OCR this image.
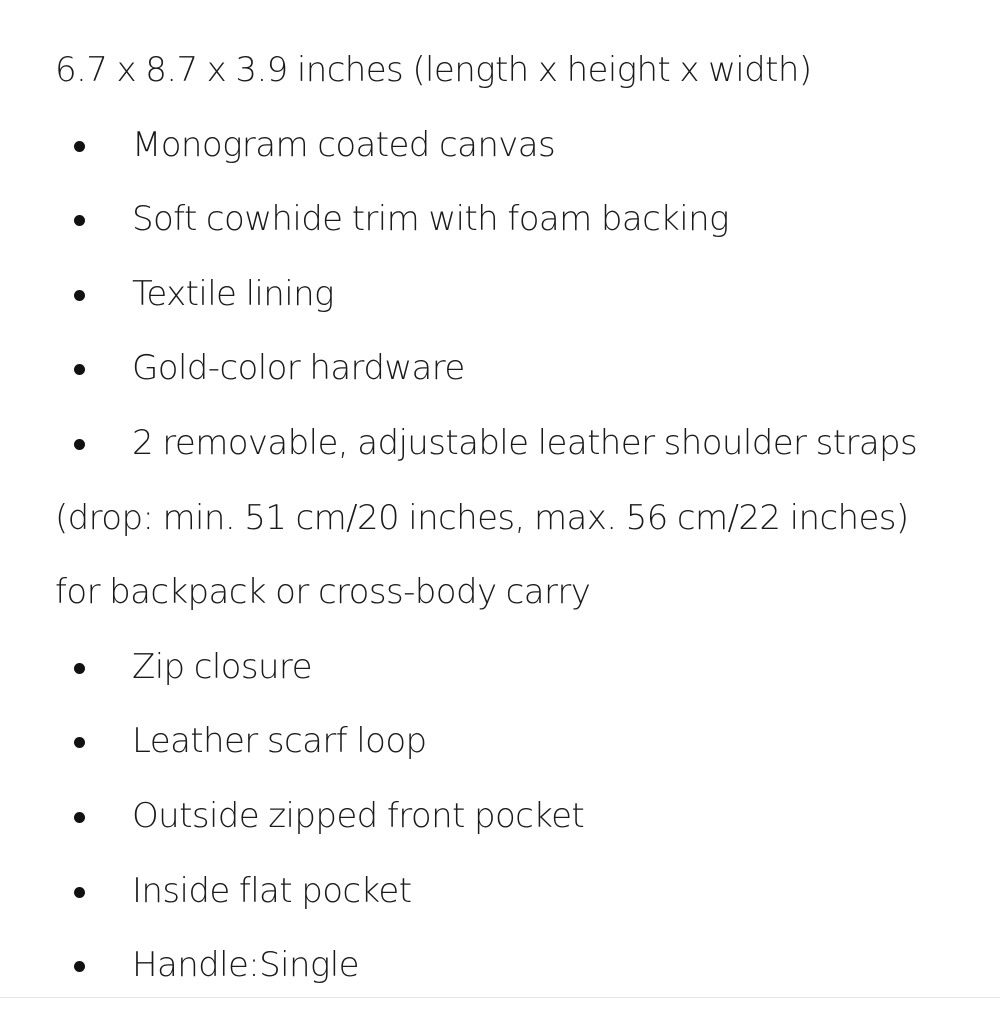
6.7 x 8.7 x 3.9 inches (length x height x width)
Monogram coated canvas
Soft cowhide trim with foam backing
Textile lining
Gold-color hardware
2 removable, adjustable leather shoulder straps
(drop: min. 51 cm/20 inches, max. 56 cm/22 inches)
for backpack or cross-body carry
Zip closure
Leather scarf loop
Outside zipped front pocket
Inside flat pocket
Handle:Single
